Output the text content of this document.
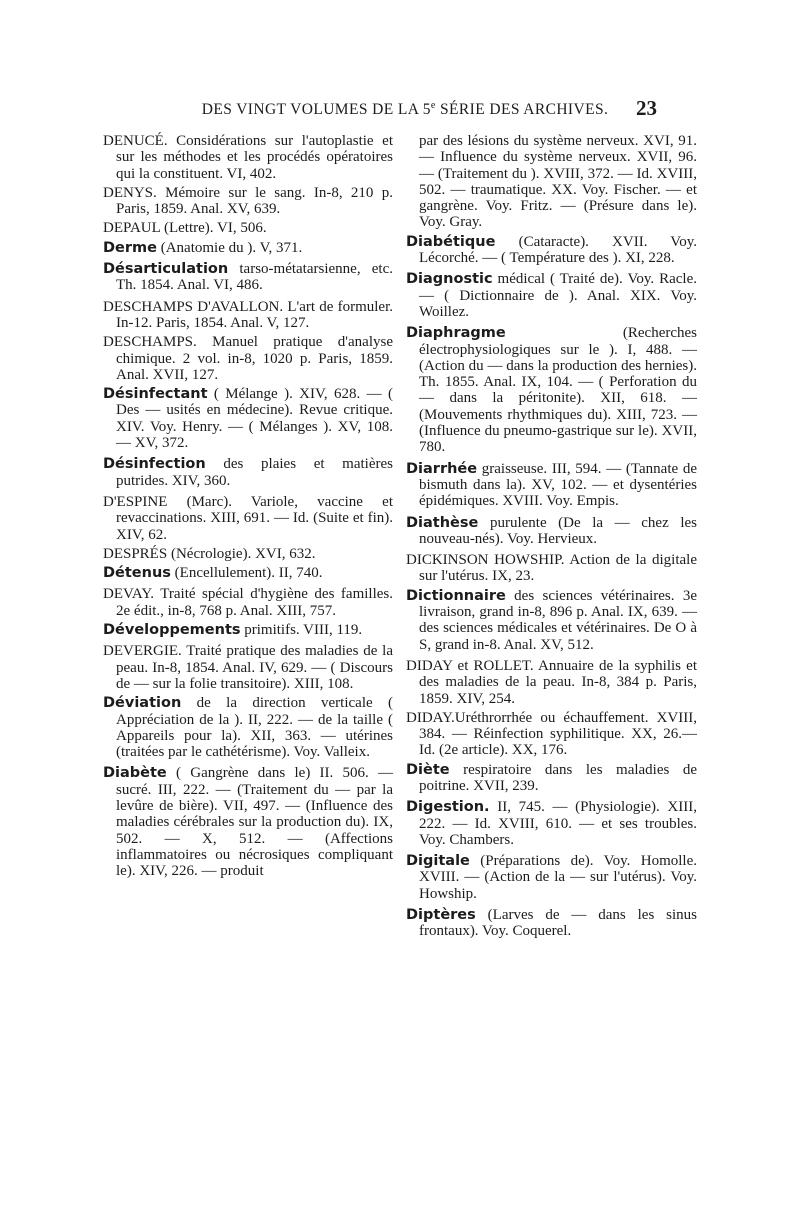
DES VINGT VOLUMES DE LA 5e SÉRIE DES ARCHIVES.	23

DENUCÉ. Considérations sur l'autoplastie et sur les méthodes et les procédés opératoires qui la constituent. VI, 402.

DENYS. Mémoire sur le sang. In-8, 210 p. Paris, 1859. Anal. XV, 639.

DEPAUL (Lettre). VI, 506.

Derme (Anatomie du ). V, 371.

Désarticulation tarso-métatarsienne, etc. Th. 1854. Anal. VI, 486.

DESCHAMPS D'AVALLON. L'art de formuler. In-12. Paris, 1854. Anal. V, 127.

DESCHAMPS. Manuel pratique d'analyse chimique. 2 vol. in-8, 1020 p. Paris, 1859. Anal. XVII, 127.

Désinfectant ( Mélange ). XIV, 628. — ( Des — usités en médecine). Revue critique. XIV. Voy. Henry. — ( Mélanges ). XV, 108. — XV, 372.

Désinfection des plaies et matières putrides. XIV, 360.

D'ESPINE (Marc). Variole, vaccine et revaccinations. XIII, 691. — Id. (Suite et fin). XIV, 62.

DESPRÉS (Nécrologie). XVI, 632.

Détenus (Encellulement). II, 740.

DEVAY. Traité spécial d'hygiène des familles. 2e édit., in-8, 768 p. Anal. XIII, 757.

Développements primitifs. VIII, 119.

DEVERGIE. Traité pratique des maladies de la peau. In-8, 1854. Anal. IV, 629. — ( Discours de — sur la folie transitoire). XIII, 108.

Déviation de la direction verticale ( Appréciation de la ). II, 222. — de la taille ( Appareils pour la). XII, 363. — utérines (traitées par le cathétérisme). Voy. Valleix.

Diabète ( Gangrène dans le) II. 506. — sucré. III, 222. — (Traitement du — par la levûre de bière). VII, 497. — (Influence des maladies cérébrales sur la production du). IX, 502. — X, 512. — (Affections inflammatoires ou nécrosiques compliquant le). XIV, 226. — produit

par des lésions du système nerveux. XVI, 91. — Influence du système nerveux. XVII, 96. — (Traitement du ). XVIII, 372. — Id. XVIII, 502. — traumatique. XX. Voy. Fischer. — et gangrène. Voy. Fritz. — (Présure dans le). Voy. Gray.

Diabétique (Cataracte). XVII. Voy. Lécorché. — ( Température des ). XI, 228.

Diagnostic médical ( Traité de). Voy. Racle. — ( Dictionnaire de ). Anal. XIX. Voy. Woillez.

Diaphragme (Recherches électrophysiologiques sur le ). I, 488. — (Action du — dans la production des hernies). Th. 1855. Anal. IX, 104. — ( Perforation du — dans la péritonite). XII, 618. — (Mouvements rhythmiques du). XIII, 723. — (Influence du pneumo-gastrique sur le). XVII, 780.

Diarrhée graisseuse. III, 594. — (Tannate de bismuth dans la). XV, 102. — et dysentéries épidémiques. XVIII. Voy. Empis.

Diathèse purulente (De la — chez les nouveau-nés). Voy. Hervieux.

DICKINSON HOWSHIP. Action de la digitale sur l'utérus. IX, 23.

Dictionnaire des sciences vétérinaires. 3e livraison, grand in-8, 896 p. Anal. IX, 639. — des sciences médicales et vétérinaires. De O à S, grand in-8. Anal. XV, 512.

DIDAY et ROLLET. Annuaire de la syphilis et des maladies de la peau. In-8, 384 p. Paris, 1859. XIV, 254.

DIDAY.Uréthrorrhée ou échauffement. XVIII, 384. — Réinfection syphilitique. XX, 26.—Id. (2e article). XX, 176.

Diète respiratoire dans les maladies de poitrine. XVII, 239.

Digestion. II, 745. — (Physiologie). XIII, 222. — Id. XVIII, 610. — et ses troubles. Voy. Chambers.

Digitale (Préparations de). Voy. Homolle. XVIII. — (Action de la — sur l'utérus). Voy. Howship.

Diptères (Larves de — dans les sinus frontaux). Voy. Coquerel.
